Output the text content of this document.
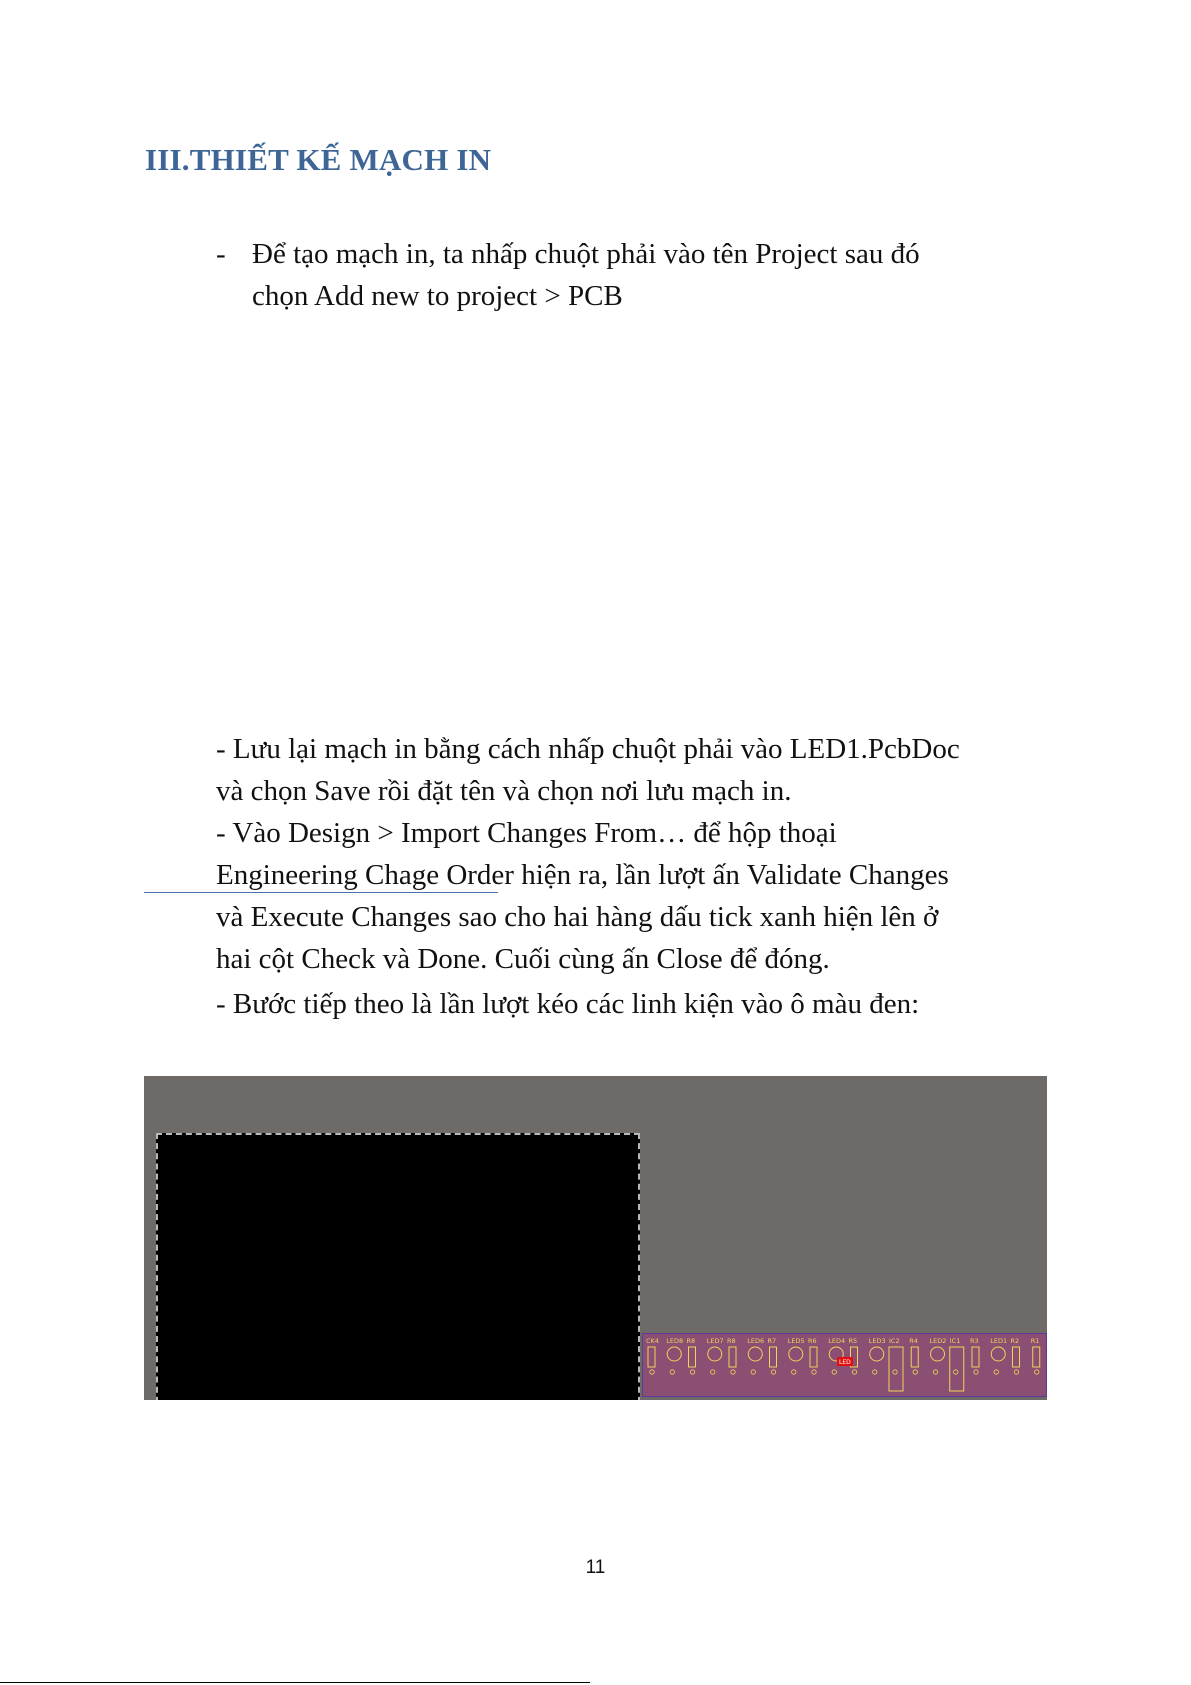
III.THIẾT KẾ MẠCH IN
- Để tạo mạch in, ta nhấp chuột phải vào tên Project sau đó
chọn Add new to project > PCB
- Lưu lại mạch in bằng cách nhấp chuột phải vào LED1.PcbDoc
và chọn Save rồi đặt tên và chọn nơi lưu mạch in.
- Vào Design > Import Changes From… để hộp thoại
Engineering Chage Order hiện ra, lần lượt ấn Validate Changes
và Execute Changes sao cho hai hàng dấu tick xanh hiện lên ở
hai cột Check và Done. Cuối cùng ấn Close để đóng.
- Bước tiếp theo là lần lượt kéo các linh kiện vào ô màu đen:
CK4 LED8 R8 LED7 R8 LED6 R7 LED5 R6 LED4 R5 LED3 IC2 R4 LED2 IC1 R3 LED1 R2 R1
LED
11
